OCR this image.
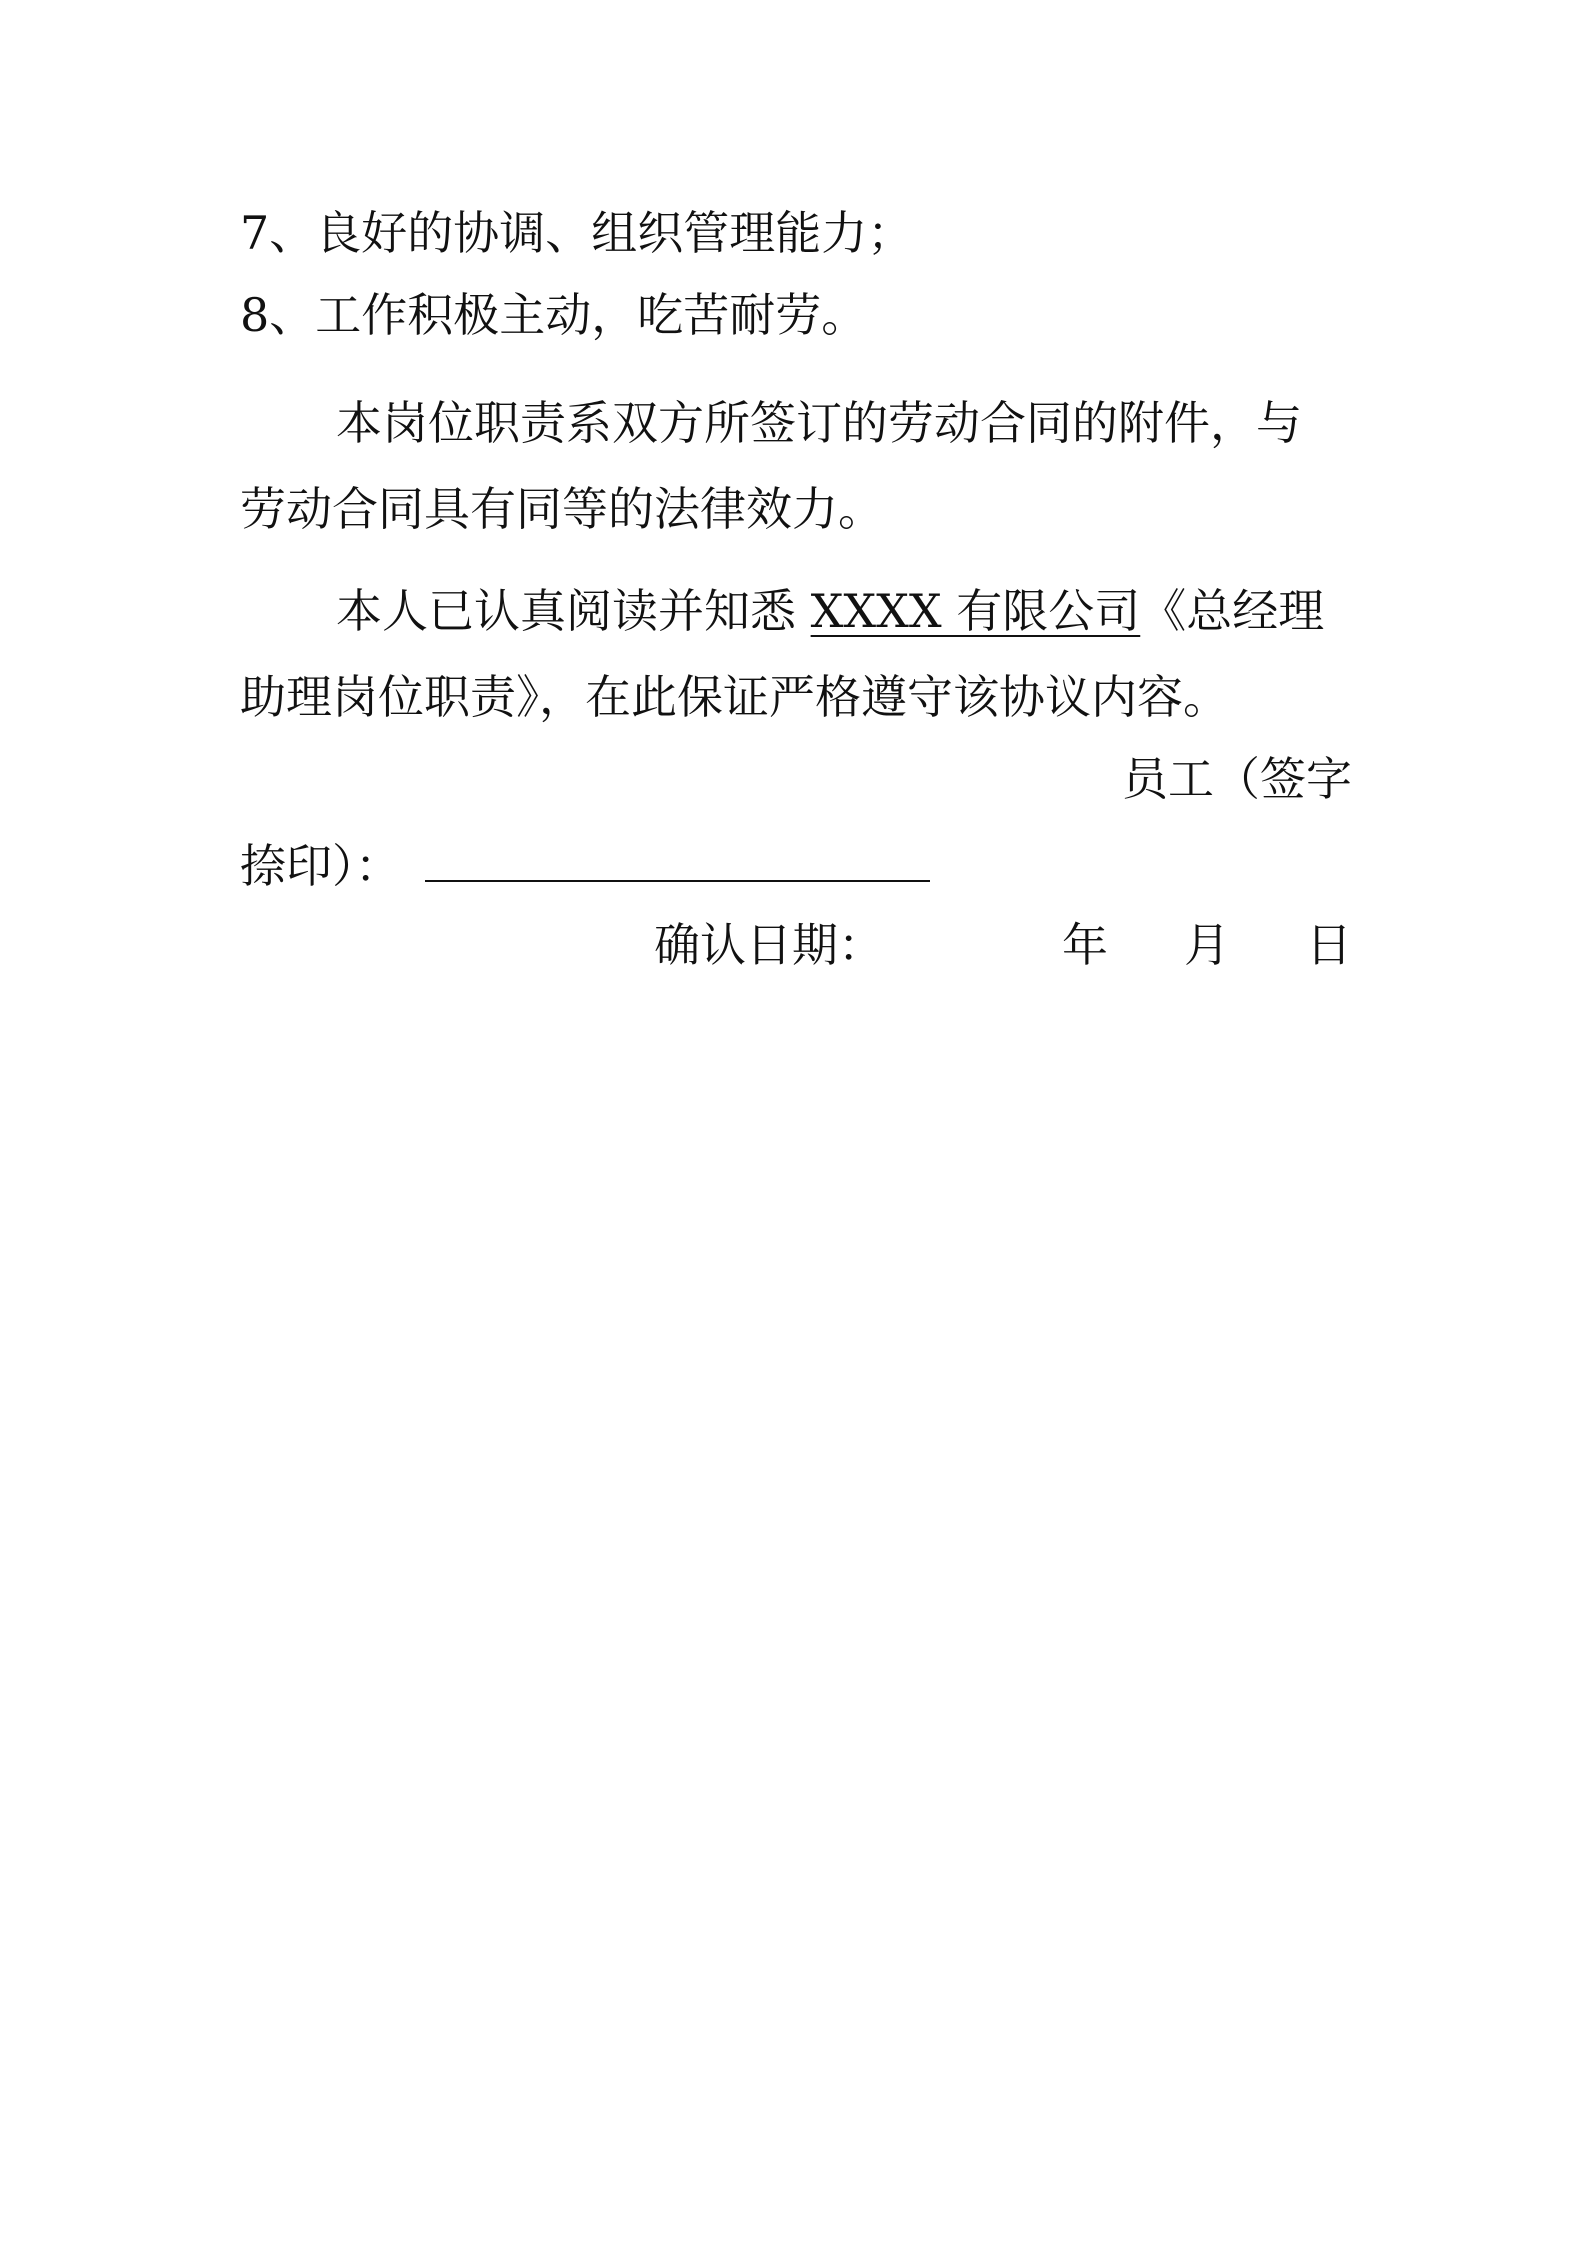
7、良好的协调、组织管理能力；
8、工作积极主动，吃苦耐劳。
本岗位职责系双方所签订的劳动合同的附件，与
劳动合同具有同等的法律效力。
本人已认真阅读并知悉 XXXX 有限公司《总经理
助理岗位职责》，在此保证严格遵守该协议内容。
员工（签字
捺印）：
确认日期：	年 月 日
